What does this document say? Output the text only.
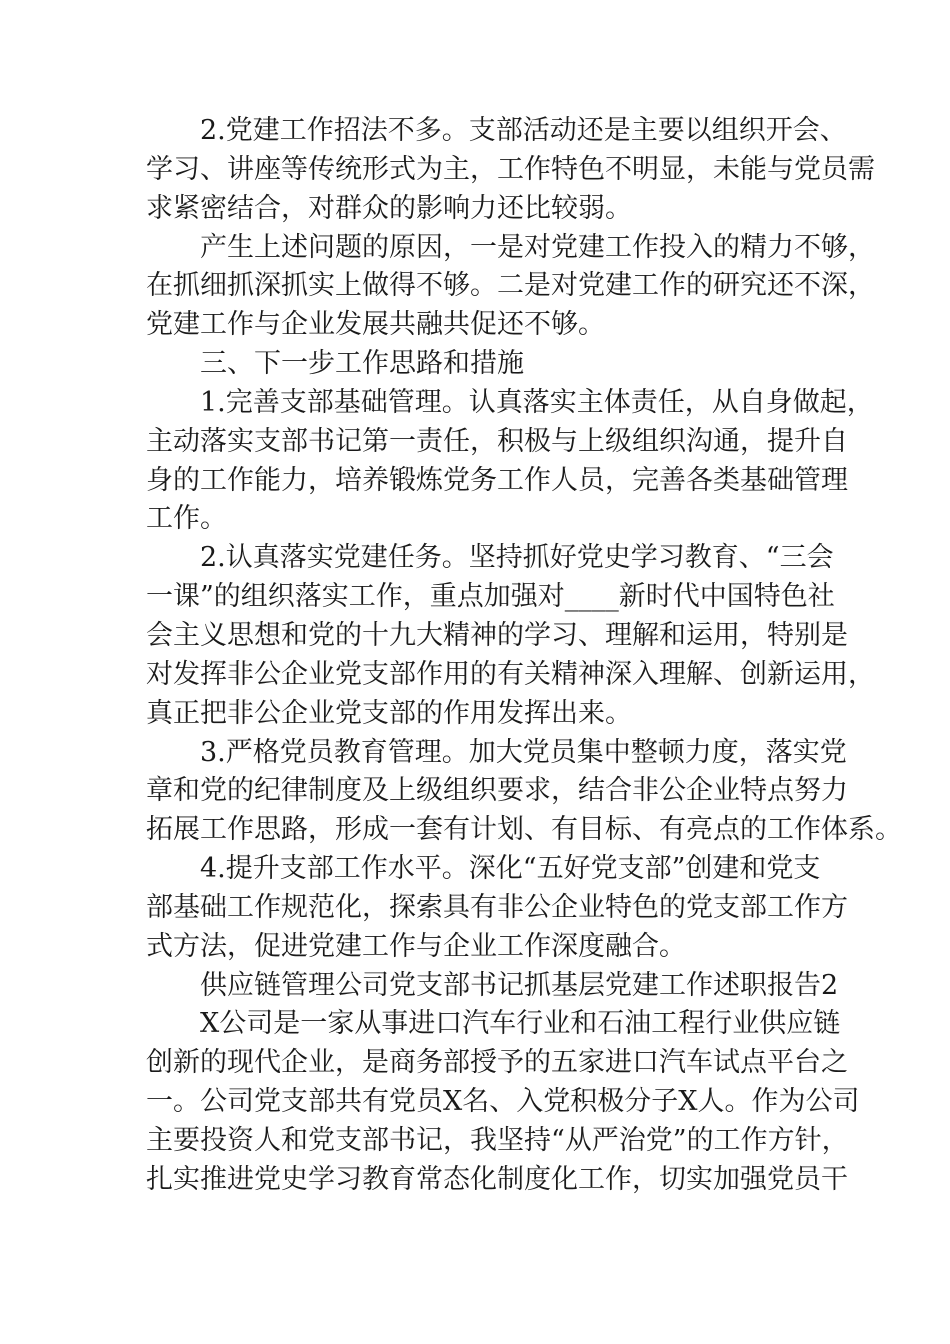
2.党建工作招法不多。支部活动还是主要以组织开会、
学习、讲座等传统形式为主，工作特色不明显，未能与党员需
求紧密结合，对群众的影响力还比较弱。
产生上述问题的原因，一是对党建工作投入的精力不够，
在抓细抓深抓实上做得不够。二是对党建工作的研究还不深，
党建工作与企业发展共融共促还不够。
三、下一步工作思路和措施
1.完善支部基础管理。认真落实主体责任，从自身做起，
主动落实支部书记第一责任，积极与上级组织沟通，提升自
身的工作能力，培养锻炼党务工作人员，完善各类基础管理
工作。
2.认真落实党建任务。坚持抓好党史学习教育、“三会
一课”的组织落实工作，重点加强对____新时代中国特色社
会主义思想和党的十九大精神的学习、理解和运用，特别是
对发挥非公企业党支部作用的有关精神深入理解、创新运用，
真正把非公企业党支部的作用发挥出来。
3.严格党员教育管理。加大党员集中整顿力度，落实党
章和党的纪律制度及上级组织要求，结合非公企业特点努力
拓展工作思路，形成一套有计划、有目标、有亮点的工作体系。
4.提升支部工作水平。深化“五好党支部”创建和党支
部基础工作规范化，探索具有非公企业特色的党支部工作方
式方法，促进党建工作与企业工作深度融合。
供应链管理公司党支部书记抓基层党建工作述职报告2
X公司是一家从事进口汽车行业和石油工程行业供应链
创新的现代企业，是商务部授予的五家进口汽车试点平台之
一。公司党支部共有党员X名、入党积极分子X人。作为公司
主要投资人和党支部书记，我坚持“从严治党”的工作方针，
扎实推进党史学习教育常态化制度化工作，切实加强党员干
